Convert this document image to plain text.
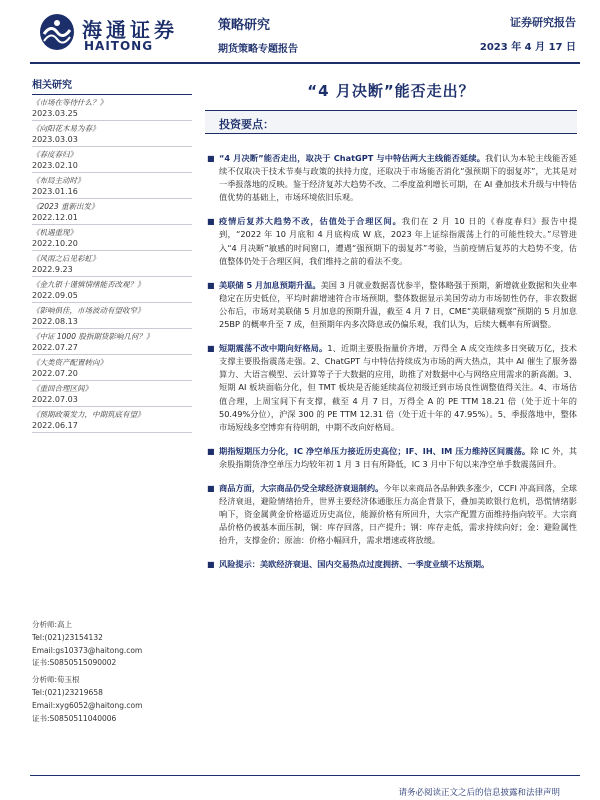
海通证券
HAITONG
策略研究
期货策略专题报告
证券研究报告
2023 年 4 月 17 日
相关研究
《市场在等待什么？》
2023.03.25
《向阳花木易为春》
2023.03.03
《春度春归》
2023.02.10
《布局主动时》
2023.01.16
《2023 重新出发》
2022.12.01
《机遇重现》
2022.10.20
《风雨之后见彩虹》
2022.9.23
《金九银十谨慎情绪能否改观？》
2022.09.05
《影响俱佳，市场波动有望收窄》
2022.08.13
《中证 1000 股指期货影响几何？》
2022.07.27
《大类资产配置转向》
2022.07.20
《重回合理区间》
2022.07.03
《预期政策发力，中期筑底有望》
2022.06.17
分析师:高上
Tel:(021)23154132
Email:gs10373@haitong.com
证书:S0850515090002
分析师:荀玉根
Tel:(021)23219658
Email:xyg6052@haitong.com
证书:S0850511040006
“4 月决断”能否走出？
投资要点：
■ “4 月决断”能否走出，取决于 ChatGPT 与中特估两大主线能否延续。我们认为本轮主线能否延续不仅取决于技术节奏与政策的扶持力度，还取决于市场能否消化“强预期下的弱复苏”，尤其是对一季报落地的反映。鉴于经济复苏大趋势不改、二季度盈利增长可期，在 AI 叠加技术升级与中特估值优势的基础上，市场环境依旧乐观。
■ 疫情后复苏大趋势不改，估值处于合理区间。我们在 2 月 10 日的《春度春归》报告中提到，“2022 年 10 月底和 4 月底构成 W 底，2023 年上证综指震荡上行的可能性较大。”尽管进入“4 月决断”敏感的时间窗口，遭遇“强预期下的弱复苏”考验，当前疫情后复苏的大趋势不变，估值整体仍处于合理区间，我们维持之前的看法不变。
■ 美联储 5 月加息预期升温。美国 3 月就业数据喜忧参半，整体略强于预期，新增就业数据和失业率稳定在历史低位，平均时薪增速符合市场预期，整体数据显示美国劳动力市场韧性仍存，非农数据公布后，市场对美联储 5 月加息的预期升温，截至 4 月 7 日，CME“美联储观察”预期的 5 月加息 25BP 的概率升至 7 成，但预期年内多次降息或仍偏乐观，我们认为，后续大概率有所调整。
■ 短期震荡不改中期向好格局。1、近期主要股指量价齐增，万得全 A 成交连续多日突破万亿，技术支撑主要股指震荡走强。2、ChatGPT 与中特估持续成为市场的两大热点，其中 AI 催生了服务器算力、大语言模型、云计算等子于大数据的应用，助推了对数据中心与网络应用需求的新高潮。3、短期 AI 板块面临分化，但 TMT 板块是否能延续高位初级迁到市场良性调整值得关注。4、市场估值合理，上周宝间下有支撑，截至 4 月 7 日，万得全 A 的 PE TTM 18.21 倍（处于近十年的 50.49%分位），沪深 300 的 PE TTM 12.31 倍（处于近十年的 47.95%）。5、季报落地中，整体市场短线多空博弈有待明朗，中期不改向好格局。
■ 期指短期压力分化，IC 净空单压力接近历史高位；IF、IH、IM 压力维持区间震荡。除 IC 外，其余股指期货净空单压力均较年初 1 月 3 日有所降低，IC 3 月中下旬以来净空单手数震荡回升。
■ 商品方面，大宗商品仍受全球经济衰退制约。今年以来商品各品种跌多涨少，CCFI 冲高回落，全球经济衰退，避险情绪抬升，世界主要经济体通胀压力高企背景下，叠加美欧银行危机，恐慌情绪影响下，资金属黄金价格逼近历史高位，能源价格有所回升，大宗产配置方面维持指向较平。大宗商品价格仍被基本面压制，铜：库存回落，日产提升；钢：库存走低，需求持续向好；金：避险属性抬升，支撑金价；原油：价格小幅回升，需求增速或将放缓。
■ 风险提示：美欧经济衰退、国内交易热点过度拥挤、一季度业绩不达预期。
请务必阅读正文之后的信息披露和法律声明
